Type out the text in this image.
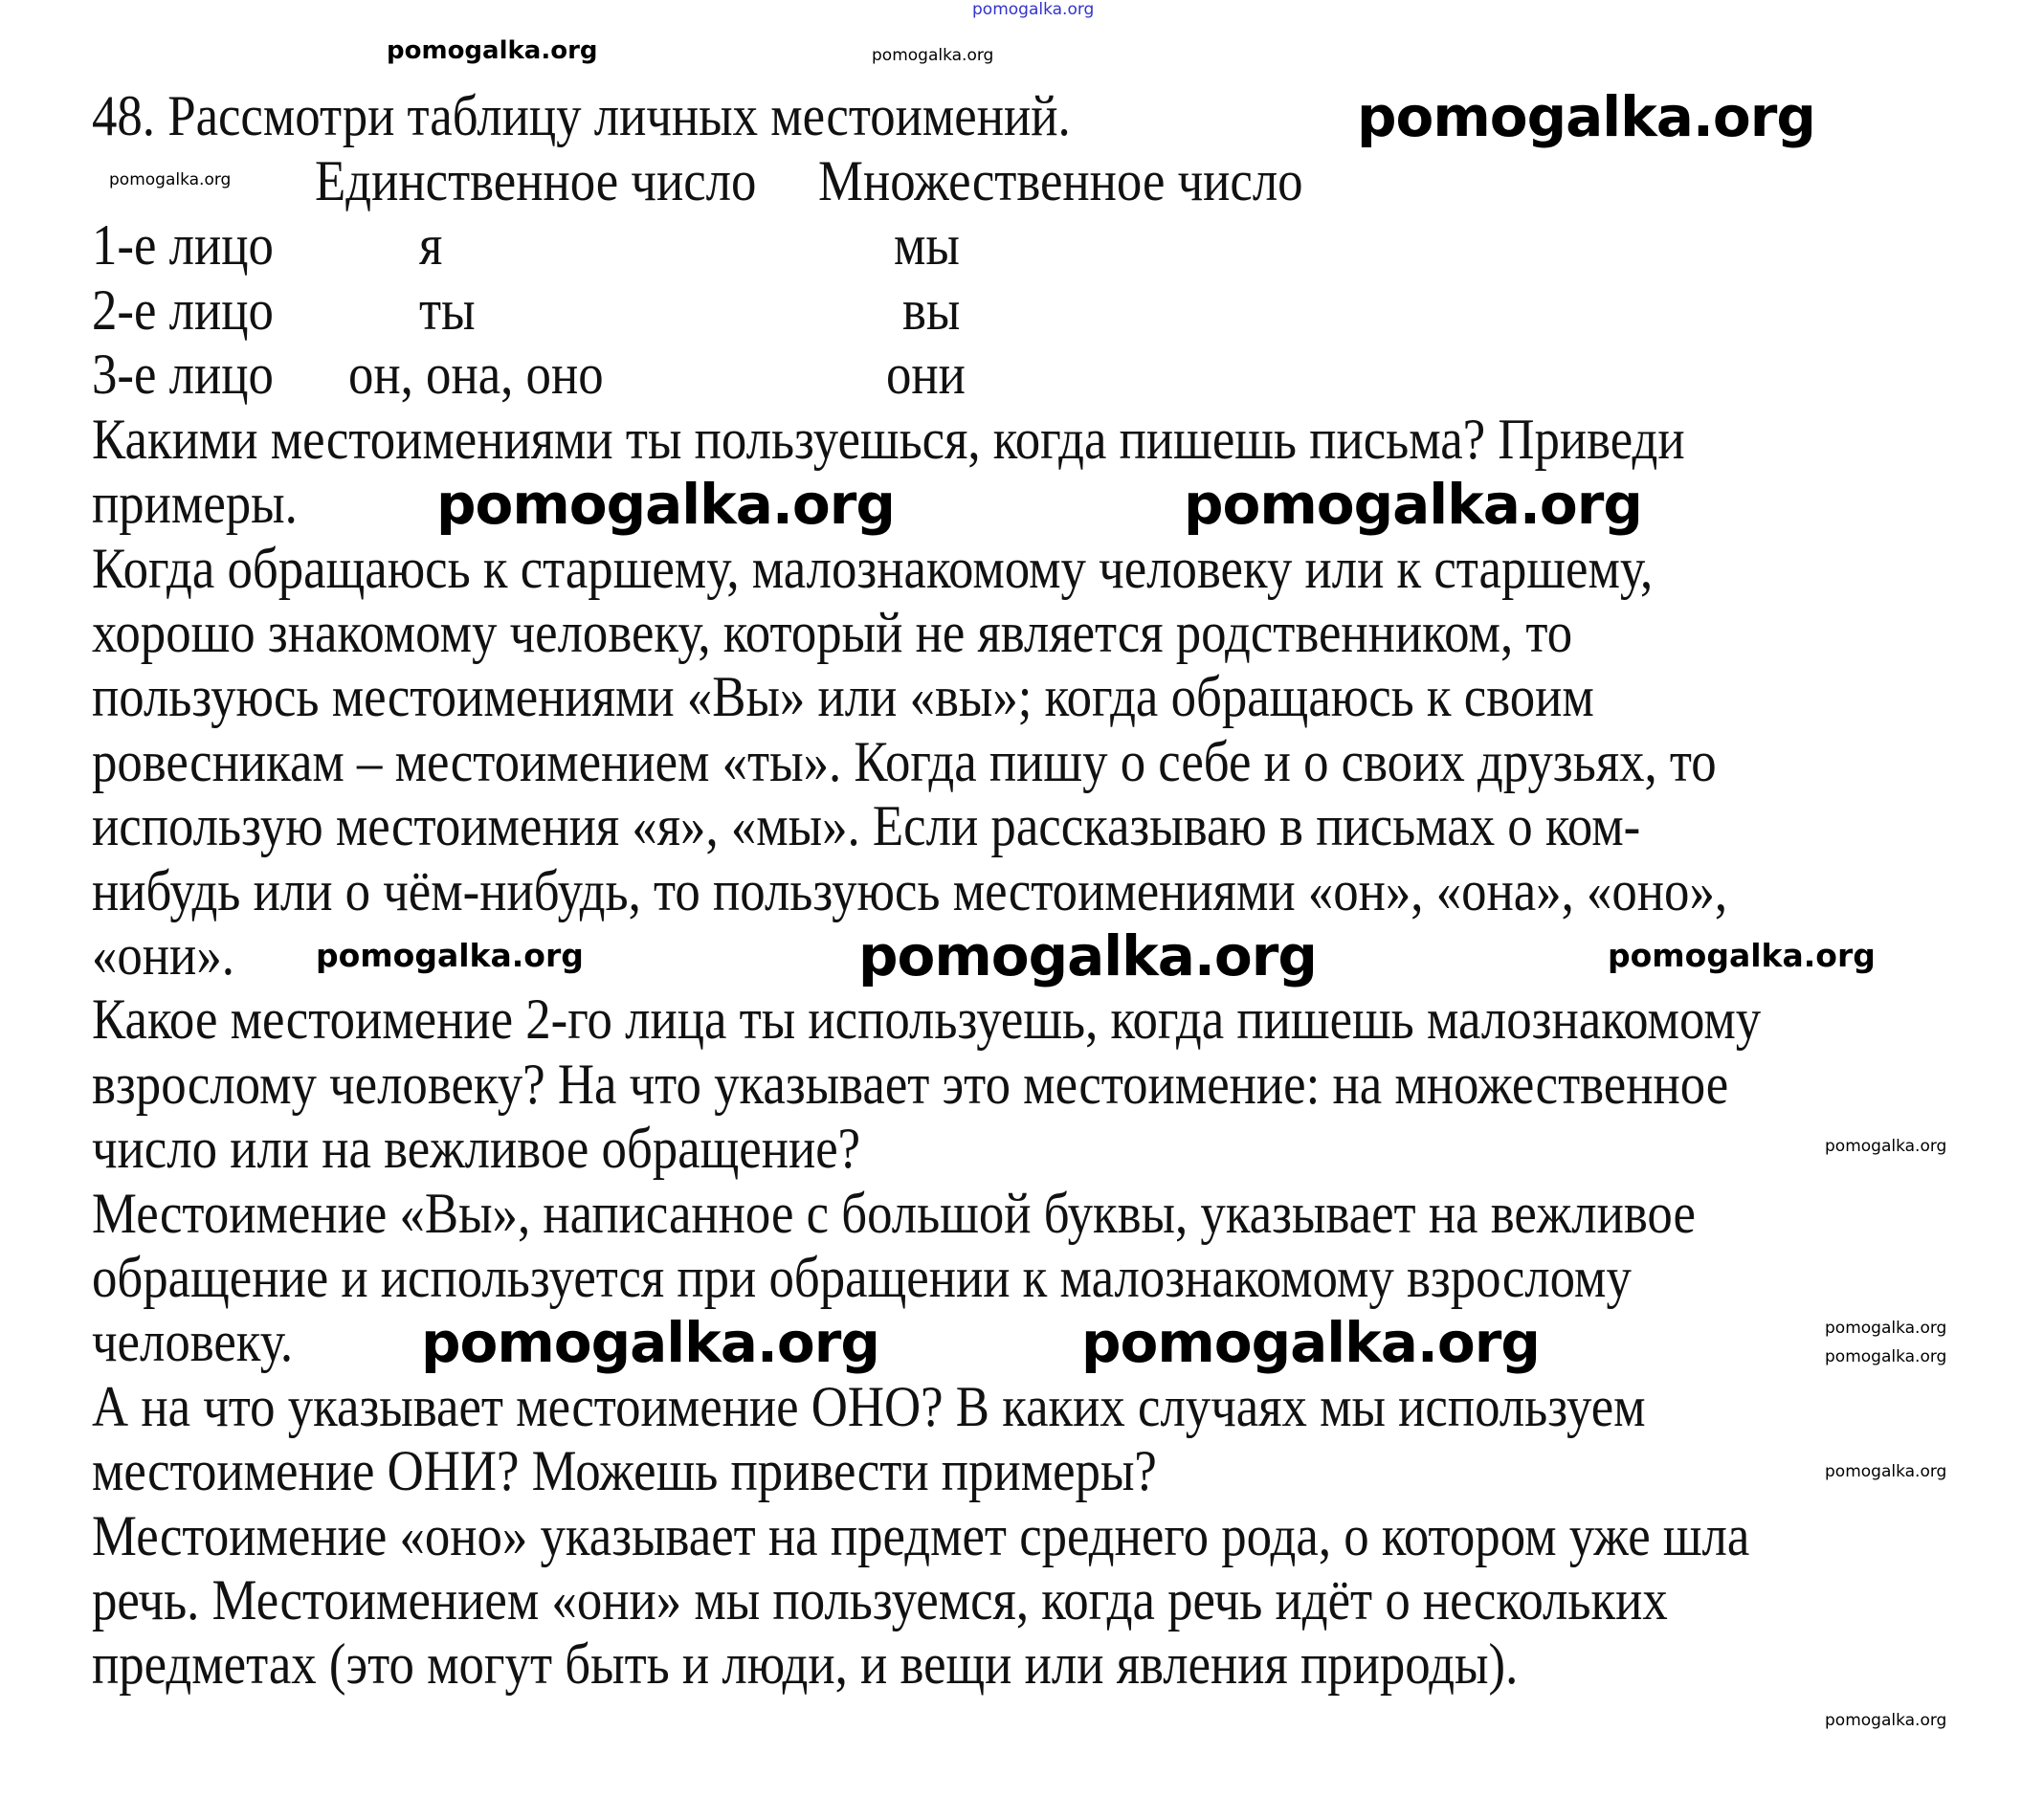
pomogalka.org
pomogalka.org	pomogalka.org
48. Рассмотри таблицу личных местоимений.	pomogalka.org
pomogalka.org Единственное число Множественное число
1-е лицо	я	мы
2-е лицо	ты	вы
3-е лицо он, она, оно	они
Какими местоимениями ты пользуешься, когда пишешь письма? Приведи
примеры.
Когда обращаюсь к старшему, малознакомому человеку или к старшему,
хорошо знакомому человеку, который не является родственником, то
пользуюсь местоимениями «Вы» или «вы»; когда обращаюсь к своим
ровесникам – местоимением «ты». Когда пишу о себе и о своих друзьях, то
использую местоимения «я», «мы». Если рассказываю в письмах о ком-
нибудь или о чём-нибудь, то пользуюсь местоимениями «он», «она», «оно»,
«они».
Какое местоимение 2-го лица ты используешь, когда пишешь малознакомому
взрослому человеку? На что указывает это местоимение: на множественное
число или на вежливое обращение?
Местоимение «Вы», написанное с большой буквы, указывает на вежливое
обращение и используется при обращении к малознакомому взрослому
человеку.
А на что указывает местоимение ОНО? В каких случаях мы используем
местоимение ОНИ? Можешь привести примеры?
Местоимение «оно» указывает на предмет среднего рода, о котором уже шла
речь. Местоимением «они» мы пользуемся, когда речь идёт о нескольких
предметах (это могут быть и люди, и вещи или явления природы).
pomogalka.org	pomogalka.org
pomogalka.org	pomogalka.org	pomogalka.org
pomogalka.org
pomogalka.org	pomogalka.org	pomogalka.org
pomogalka.org
pomogalka.org
pomogalka.org
